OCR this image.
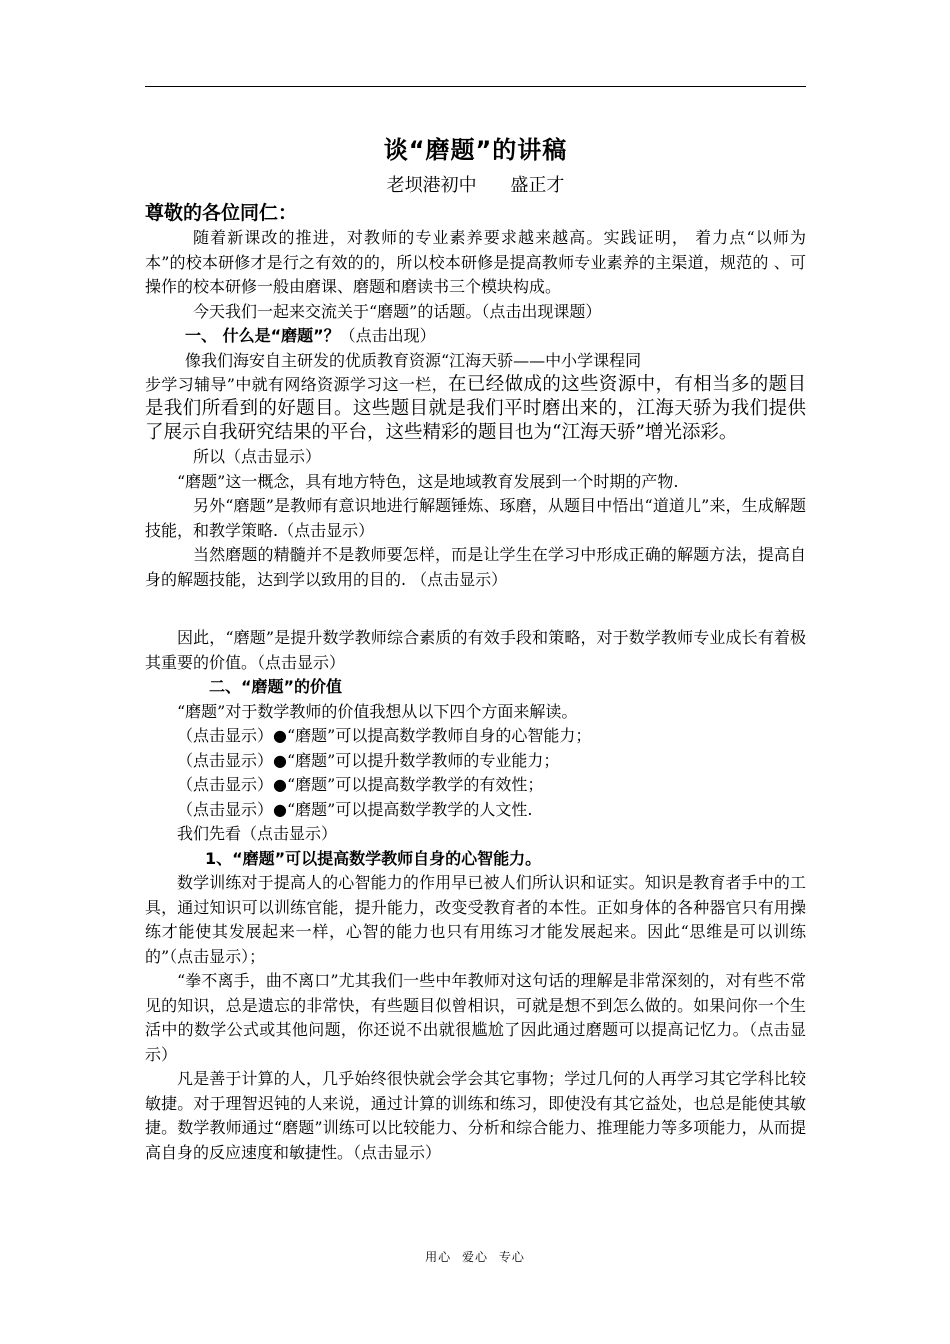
谈“磨题”的讲稿
老坝港初中 盛正才
尊敬的各位同仁：

随着新课改的推进，对教师的专业素养要求越来越高。实践证明， 着力点“以师为本”的校本研修才是行之有效的的，所以校本研修是提高教师专业素养的主渠道，规范的 、可操作的校本研修一般由磨课、磨题和磨读书三个模块构成。

今天我们一起来交流关于“磨题”的话题。（点击出现课题）

一、 什么是“磨题”？（点击出现）

像我们海安自主研发的优质教育资源“江海天骄——中小学课程同

步学习辅导”中就有网络资源学习这一栏，在已经做成的这些资源中，有相当多的题目是我们所看到的好题目。这些题目就是我们平时磨出来的，江海天骄为我们提供了展示自我研究结果的平台，这些精彩的题目也为“江海天骄”增光添彩。

所以（点击显示）

“磨题”这一概念，具有地方特色，这是地域教育发展到一个时期的产物.

另外“磨题”是教师有意识地进行解题锤炼、琢磨，从题目中悟出“道道儿”来，生成解题技能，和教学策略.（点击显示）

当然磨题的精髓并不是教师要怎样，而是让学生在学习中形成正确的解题方法，提高自身的解题技能，达到学以致用的目的. （点击显示）

因此，“磨题”是提升数学教师综合素质的有效手段和策略，对于数学教师专业成长有着极其重要的价值。（点击显示）

二、“磨题”的价值

“磨题”对于数学教师的价值我想从以下四个方面来解读。

（点击显示）●“磨题”可以提高数学教师自身的心智能力；

（点击显示）●“磨题”可以提升数学教师的专业能力；

（点击显示）●“磨题”可以提高数学教学的有效性；

（点击显示）●“磨题”可以提高数学教学的人文性.

我们先看（点击显示）

1、“磨题”可以提高数学教师自身的心智能力。

数学训练对于提高人的心智能力的作用早已被人们所认识和证实。知识是教育者手中的工具，通过知识可以训练官能，提升能力，改变受教育者的本性。正如身体的各种器官只有用操练才能使其发展起来一样，心智的能力也只有用练习才能发展起来。因此“思维是可以训练的”（点击显示）；

“拳不离手，曲不离口”尤其我们一些中年教师对这句话的理解是非常深刻的，对有些不常见的知识，总是遗忘的非常快，有些题目似曾相识，可就是想不到怎么做的。如果问你一个生活中的数学公式或其他问题，你还说不出就很尴尬了因此通过磨题可以提高记忆力。（点击显示）

凡是善于计算的人，几乎始终很快就会学会其它事物；学过几何的人再学习其它学科比较敏捷。对于理智迟钝的人来说，通过计算的训练和练习，即使没有其它益处，也总是能使其敏捷。数学教师通过“磨题”训练可以比较能力、分析和综合能力、推理能力等多项能力，从而提高自身的反应速度和敏捷性。（点击显示）

用心 爱心 专心
